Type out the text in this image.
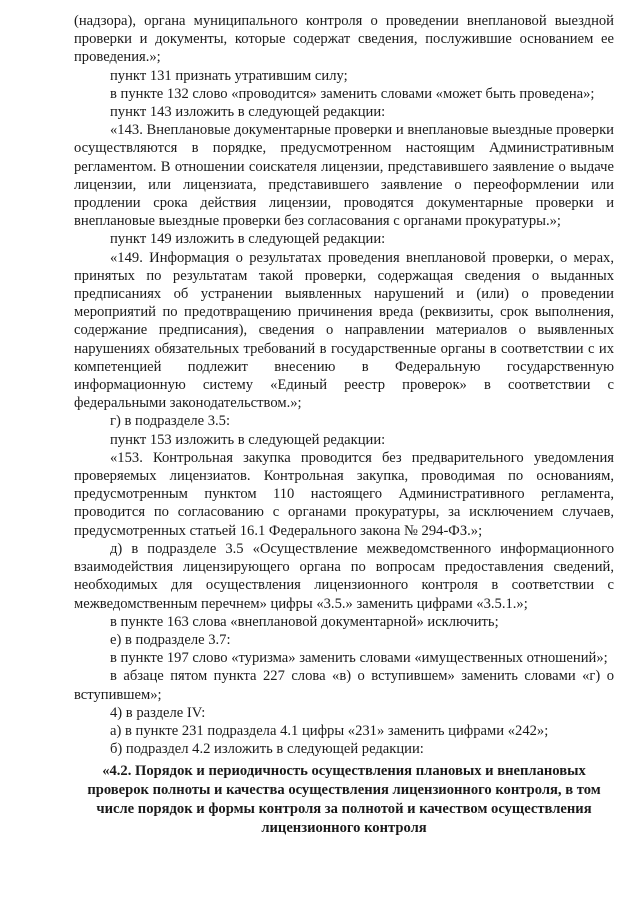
(надзора), органа муниципального контроля о проведении внеплановой выездной проверки и документы, которые содержат сведения, послужившие основанием ее проведения.»;

пункт 131 признать утратившим силу;

в пункте 132 слово «проводится» заменить словами «может быть проведена»;

пункт 143 изложить в следующей редакции:

«143. Внеплановые документарные проверки и внеплановые выездные проверки осуществляются в порядке, предусмотренном настоящим Административным регламентом. В отношении соискателя лицензии, представившего заявление о выдаче лицензии, или лицензиата, представившего заявление о переоформлении или продлении срока действия лицензии, проводятся документарные проверки и внеплановые выездные проверки без согласования с органами прокуратуры.»;

пункт 149 изложить в следующей редакции:

«149. Информация о результатах проведения внеплановой проверки, о мерах, принятых по результатам такой проверки, содержащая сведения о выданных предписаниях об устранении выявленных нарушений и (или) о проведении мероприятий по предотвращению причинения вреда (реквизиты, срок выполнения, содержание предписания), сведения о направлении материалов о выявленных нарушениях обязательных требований в государственные органы в соответствии с их компетенцией подлежит внесению в Федеральную государственную информационную систему «Единый реестр проверок» в соответствии с федеральными законодательством.»;

г) в подразделе 3.5:

пункт 153 изложить в следующей редакции:

«153. Контрольная закупка проводится без предварительного уведомления проверяемых лицензиатов. Контрольная закупка, проводимая по основаниям, предусмотренным пунктом 110 настоящего Административного регламента, проводится по согласованию с органами прокуратуры, за исключением случаев, предусмотренных статьей 16.1 Федерального закона № 294-ФЗ.»;

д) в подразделе 3.5 «Осуществление межведомственного информационного взаимодействия лицензирующего органа по вопросам предоставления сведений, необходимых для осуществления лицензионного контроля в соответствии с межведомственным перечнем» цифры «3.5.» заменить цифрами «3.5.1.»;

в пункте 163 слова «внеплановой документарной» исключить;

е) в подразделе 3.7:

в пункте 197 слово «туризма» заменить словами «имущественных отношений»;

в абзаце пятом пункта 227 слова «в) о вступившем» заменить словами «г) о вступившем»;

4) в разделе IV:

а) в пункте 231 подраздела 4.1 цифры «231» заменить цифрами «242»;

б) подраздел 4.2 изложить в следующей редакции:

«4.2. Порядок и периодичность осуществления плановых и внеплановых проверок полноты и качества осуществления лицензионного контроля, в том числе порядок и формы контроля за полнотой и качеством осуществления лицензионного контроля
